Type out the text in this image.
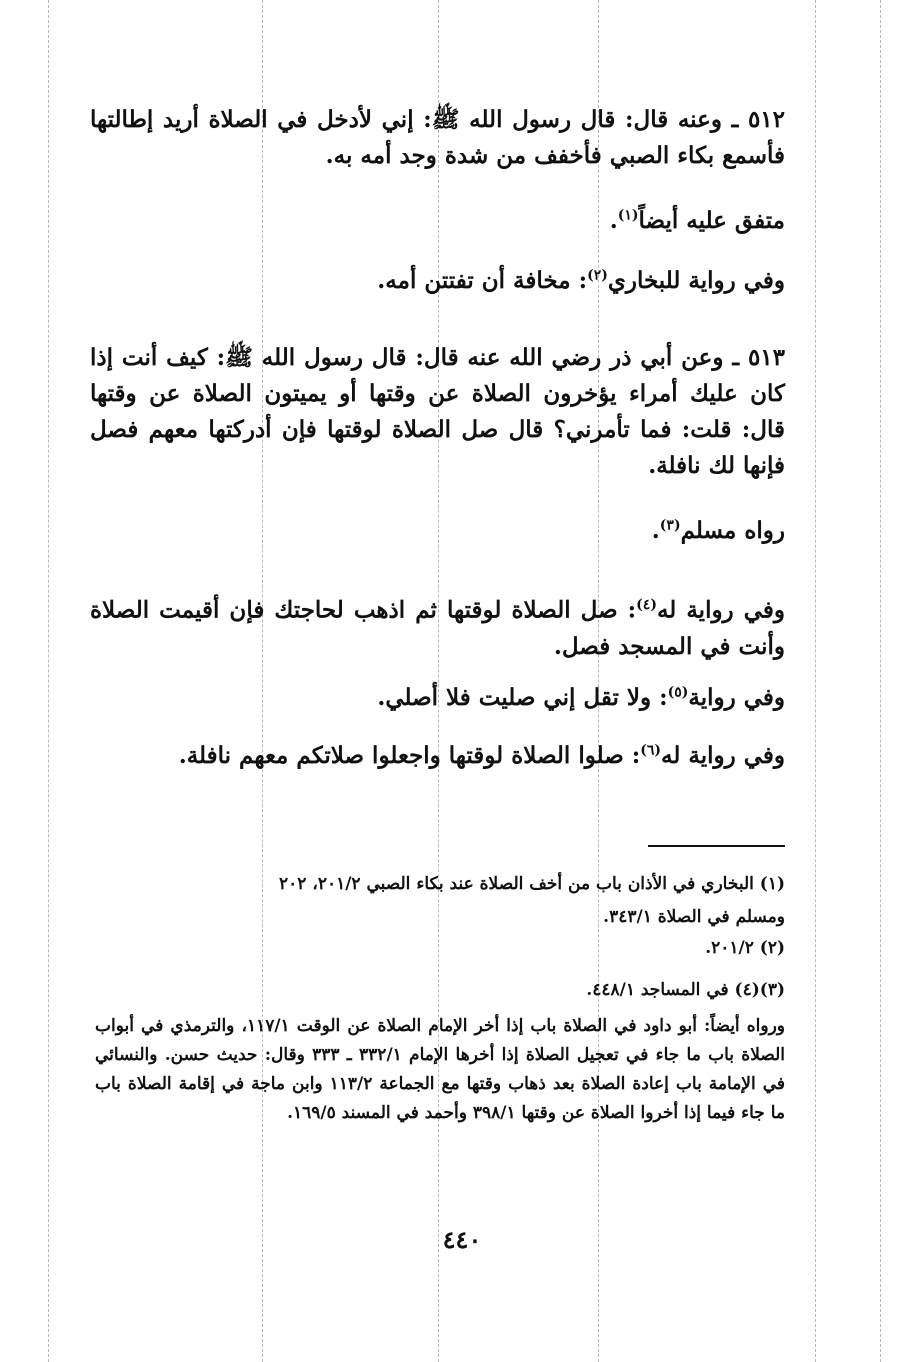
٥١٢ ـ وعنه قال: قال رسول الله ﷺ: إني لأدخل في الصلاة أريد إطالتها فأسمع بكاء الصبي فأخفف من شدة وجد أمه به.
متفق عليه أيضاً$^{(١)}$.
وفي رواية للبخاري$^{(٢)}$: مخافة أن تفتتن أمه.
٥١٣ ـ وعن أبي ذر رضي الله عنه قال: قال رسول الله ﷺ: كيف أنت إذا كان عليك أمراء يؤخرون الصلاة عن وقتها أو يميتون الصلاة عن وقتها قال: قلت: فما تأمرني؟ قال صل الصلاة لوقتها فإن أدركتها معهم فصل فإنها لك نافلة.
رواه مسلم$^{(٣)}$.
وفي رواية له$^{(٤)}$: صل الصلاة لوقتها ثم اذهب لحاجتك فإن أقيمت الصلاة وأنت في المسجد فصل.
وفي رواية$^{(٥)}$: ولا تقل إني صليت فلا أصلي.
وفي رواية له$^{(٦)}$: صلوا الصلاة لوقتها واجعلوا صلاتكم معهم نافلة.
(١) البخاري في الأذان باب من أخف الصلاة عند بكاء الصبي ٢٠١/٢، ٢٠٢
ومسلم في الصلاة ٣٤٣/١.
(٢) ٢٠١/٢.
(٣)(٤) في المساجد ٤٤٨/١.
ورواه أيضاً: أبو داود في الصلاة باب إذا أخر الإمام الصلاة عن الوقت ١١٧/١، والترمذي في أبواب الصلاة باب ما جاء في تعجيل الصلاة إذا أخرها الإمام ٣٣٢/١ ـ ٣٣٣ وقال: حديث حسن. والنسائي في الإمامة باب إعادة الصلاة بعد ذهاب وقتها مع الجماعة ١١٣/٢ وابن ماجة في إقامة الصلاة باب ما جاء فيما إذا أخروا الصلاة عن وقتها ٣٩٨/١ وأحمد في المسند ١٦٩/٥.
٤٤٠
